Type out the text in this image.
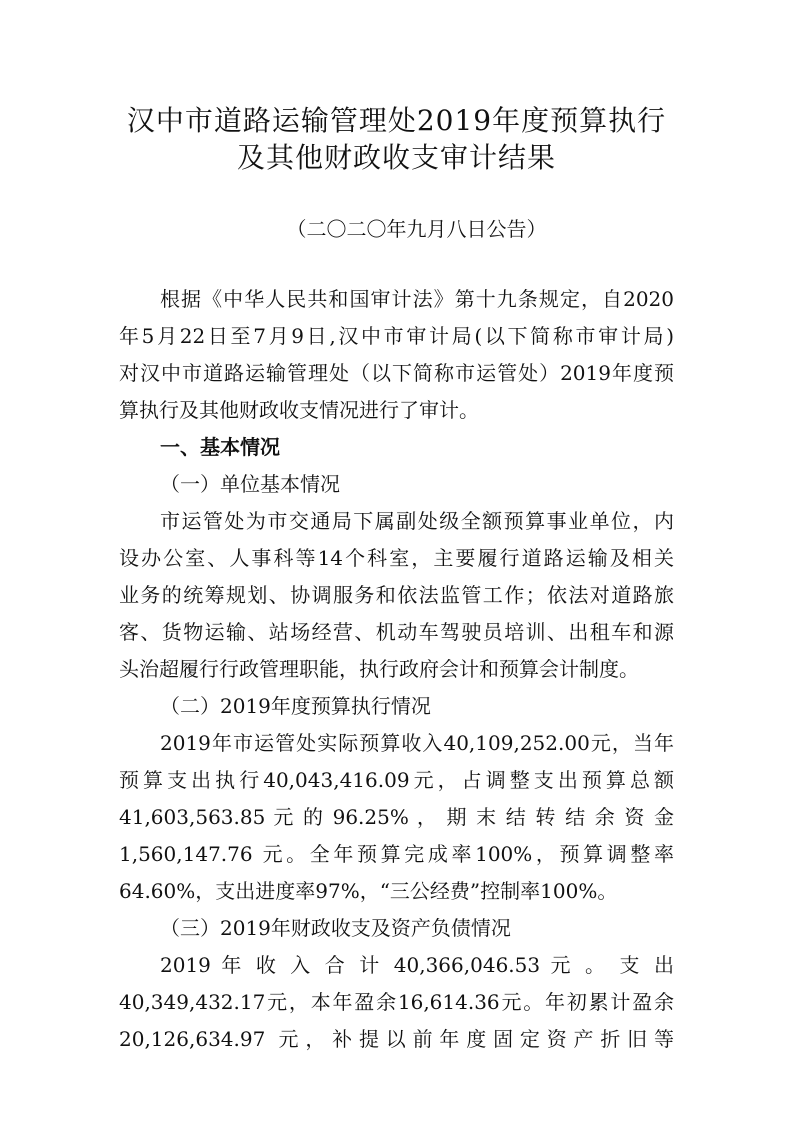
汉中市道路运输管理处2019年度预算执行
及其他财政收支审计结果
（二〇二〇年九月八日公告）
根据《中华人民共和国审计法》第十九条规定，自2020
年5月22日至7月9日,汉中市审计局(以下简称市审计局)
对汉中市道路运输管理处（以下简称市运管处）2019年度预
算执行及其他财政收支情况进行了审计。
一、基本情况
（一）单位基本情况
市运管处为市交通局下属副处级全额预算事业单位，内
设办公室、人事科等14个科室，主要履行道路运输及相关
业务的统筹规划、协调服务和依法监管工作；依法对道路旅
客、货物运输、站场经营、机动车驾驶员培训、出租车和源
头治超履行行政管理职能，执行政府会计和预算会计制度。
（二）2019年度预算执行情况
2019年市运管处实际预算收入40,109,252.00元，当年
预算支出执行40,043,416.09元，占调整支出预算总额
41,603,563.85 元 的 96.25% ， 期 末 结 转 结 余 资 金
1,560,147.76 元。全年预算完成率100%，预算调整率
64.60%，支出进度率97%，“三公经费”控制率100%。
（三）2019年财政收支及资产负债情况
2019 年 收 入 合 计 40,366,046.53 元 。 支 出
40,349,432.17元，本年盈余16,614.36元。年初累计盈余
20,126,634.97 元，补提以前年度固定资产折旧等
